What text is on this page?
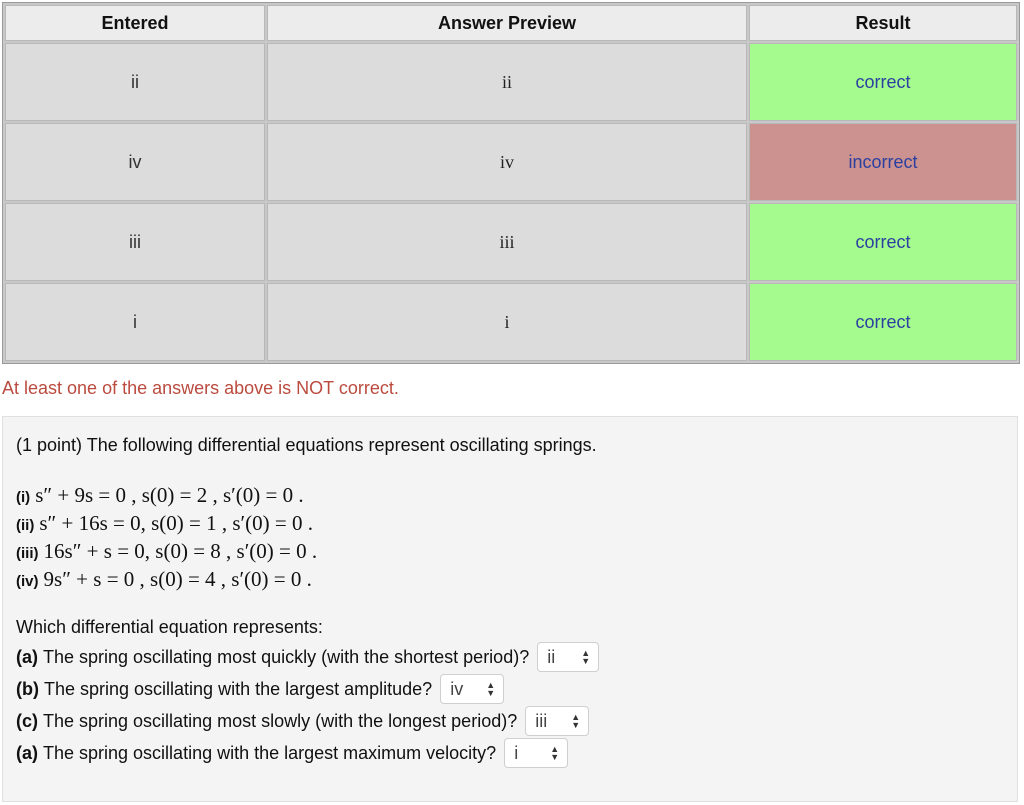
Entered	Answer Preview	Result
ii	ii	correct
iv	iv	incorrect
iii	iii	correct
i	i	correct
At least one of the answers above is NOT correct.
(1 point) The following differential equations represent oscillating springs.
(i) s″ + 9s = 0 , s(0) = 2 , s′(0) = 0 .
(ii) s″ + 16s = 0, s(0) = 1 , s′(0) = 0 .
(iii) 16s″ + s = 0, s(0) = 8 , s′(0) = 0 .
(iv) 9s″ + s = 0 , s(0) = 4 , s′(0) = 0 .
Which differential equation represents:
(a) The spring oscillating most quickly (with the shortest period)? ii	▲
▼
(b) The spring oscillating with the largest amplitude? iv	▲
▼
(c) The spring oscillating most slowly (with the longest period)? iii	▲
▼
(a) The spring oscillating with the largest maximum velocity? i	▲
▼
